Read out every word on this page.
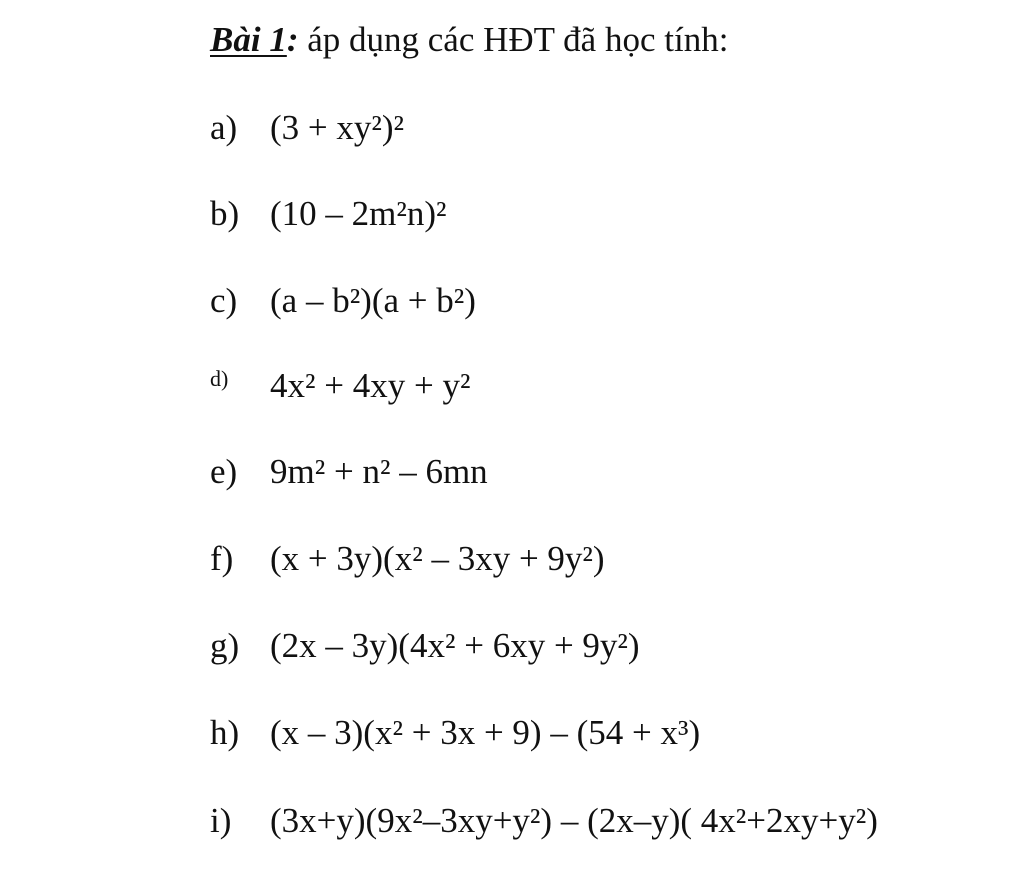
Bài 1: áp dụng các HĐT đã học tính:
a) (3 + xy²)²
b) (10 – 2m²n)²
c) (a – b²)(a + b²)
d) 4x² + 4xy + y²
e) 9m² + n² – 6mn
f) (x + 3y)(x² – 3xy + 9y²)
g) (2x – 3y)(4x² + 6xy + 9y²)
h) (x – 3)(x² + 3x + 9) – (54 + x³)
i) (3x+y)(9x²–3xy+y²) – (2x–y)( 4x²+2xy+y²)
